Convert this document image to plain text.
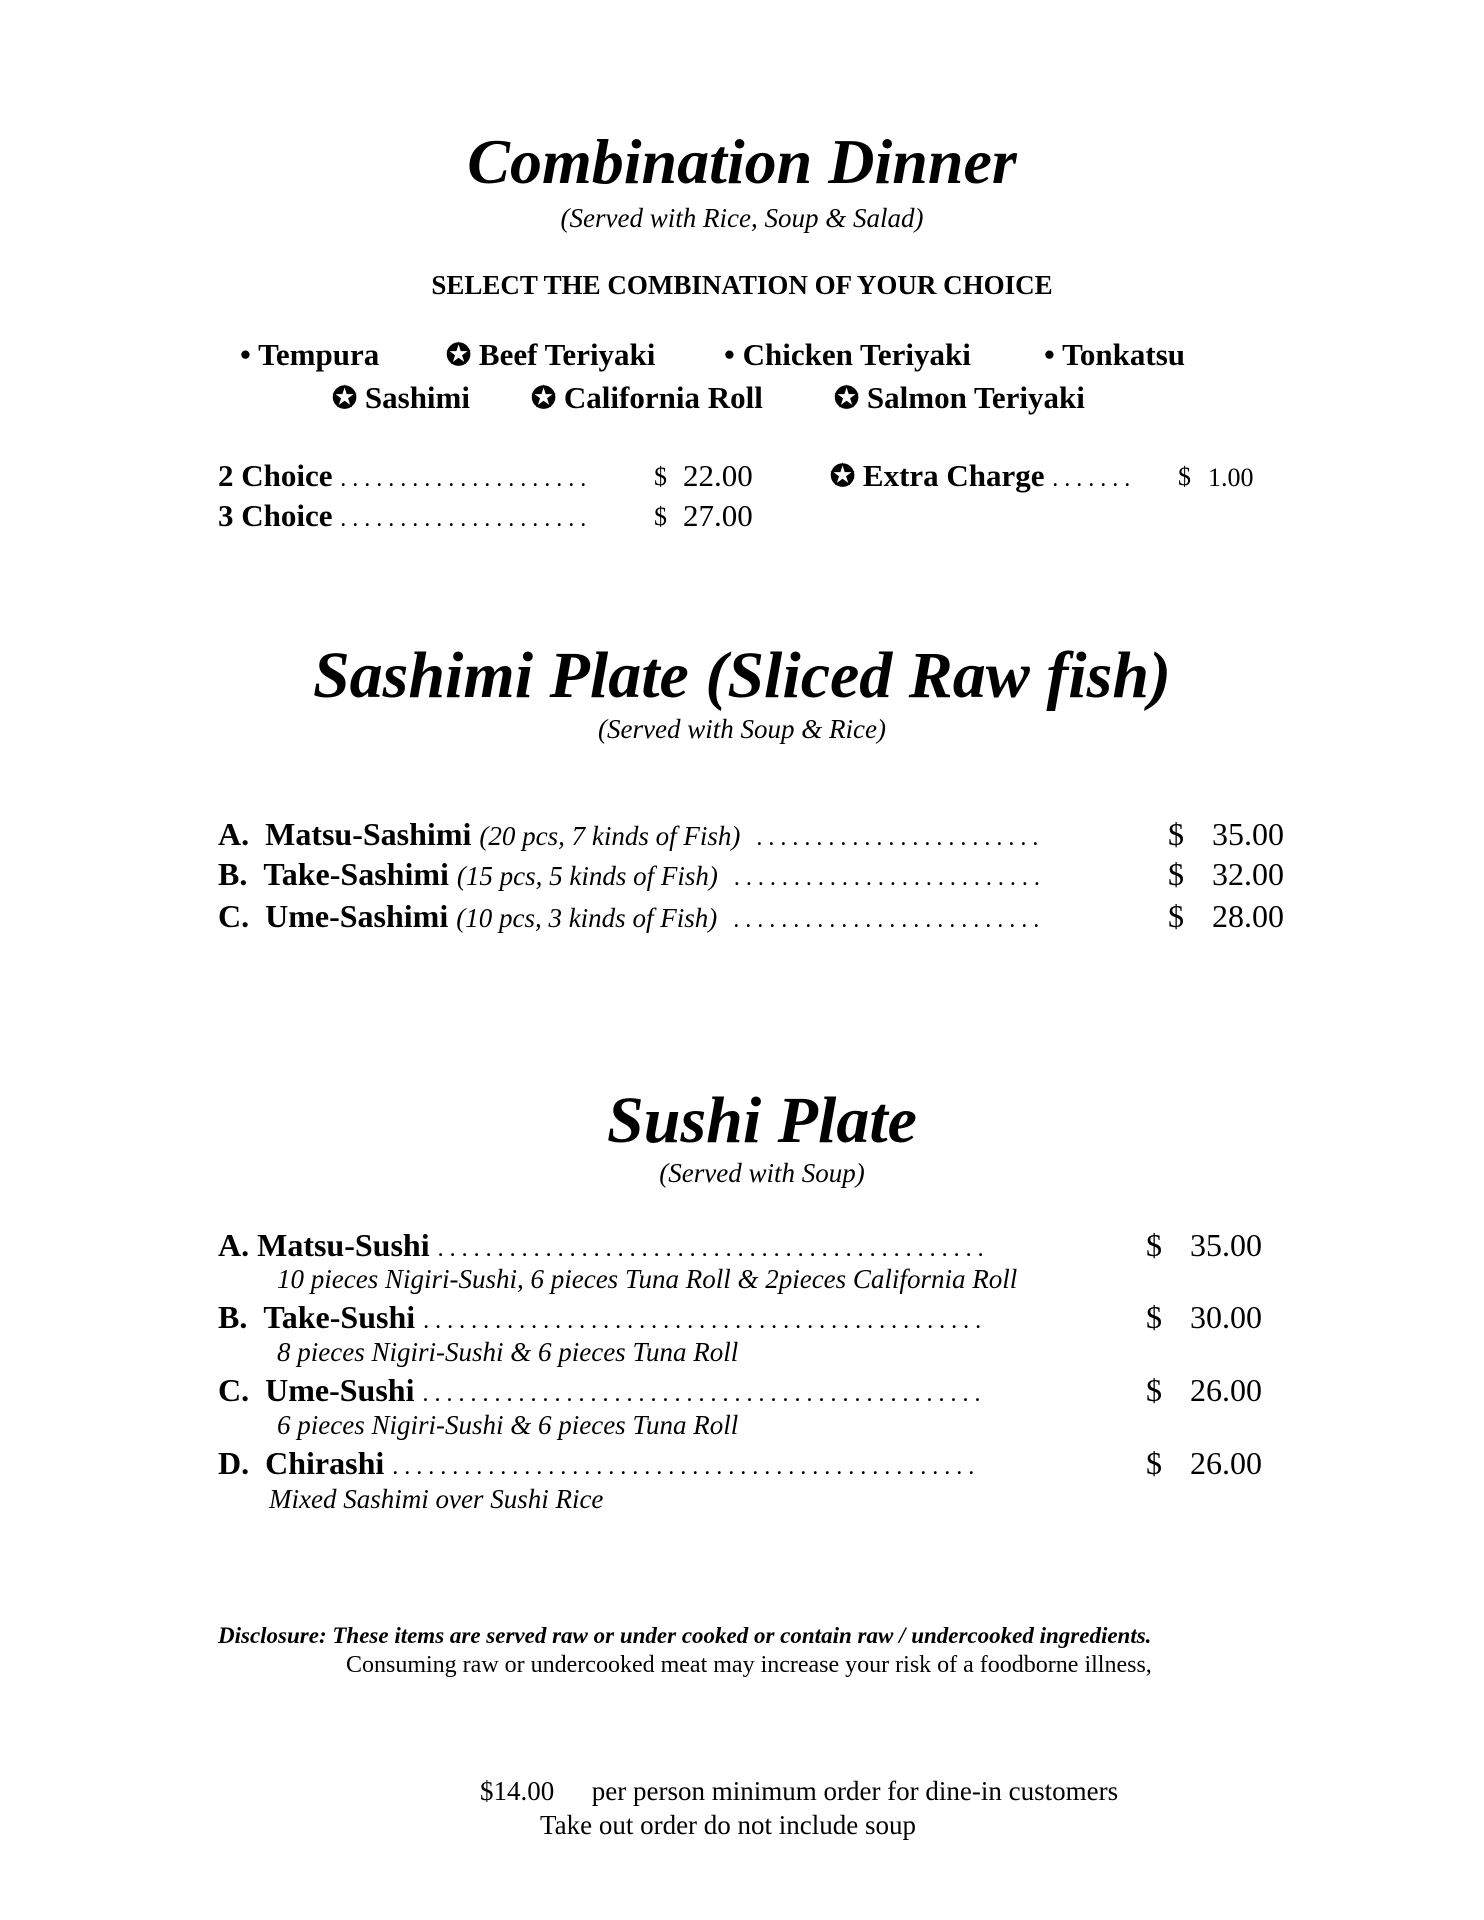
Combination Dinner
(Served with Rice, Soup & Salad)
SELECT THE COMBINATION OF YOUR CHOICE
• Tempura ✪ Beef Teriyaki • Chicken Teriyaki • Tonkatsu
✪ Sashimi ✪ California Roll ✪ Salmon Teriyaki
2 Choice . . . . . . . . . . . . . . . . . . . . .	$ 22.00
3 Choice . . . . . . . . . . . . . . . . . . . . .	$ 27.00
✪ Extra Charge . . . . . . . $ 1.00
Sashimi Plate (Sliced Raw fish)
(Served with Soup & Rice)
A. Matsu-Sashimi (20 pcs, 7 kinds of Fish) . . . . . . . . . . . . . . . . . . . . . . . .	$ 35.00
B. Take-Sashimi (15 pcs, 5 kinds of Fish) . . . . . . . . . . . . . . . . . . . . . . . . . .	$ 32.00
C. Ume-Sashimi (10 pcs, 3 kinds of Fish) . . . . . . . . . . . . . . . . . . . . . . . . . .	$ 28.00
Sushi Plate
(Served with Soup)
A. Matsu-Sushi . . . . . . . . . . . . . . . . . . . . . . . . . . . . . . . . . . . . . . . . . . . . . .	$ 35.00
10 pieces Nigiri-Sushi, 6 pieces Tuna Roll & 2pieces California Roll
B. Take-Sushi . . . . . . . . . . . . . . . . . . . . . . . . . . . . . . . . . . . . . . . . . . . . . . .	$ 30.00
8 pieces Nigiri-Sushi & 6 pieces Tuna Roll
C. Ume-Sushi . . . . . . . . . . . . . . . . . . . . . . . . . . . . . . . . . . . . . . . . . . . . . . .	$ 26.00
6 pieces Nigiri-Sushi & 6 pieces Tuna Roll
D. Chirashi . . . . . . . . . . . . . . . . . . . . . . . . . . . . . . . . . . . . . . . . . . . . . . . . .	$ 26.00
Mixed Sashimi over Sushi Rice
Disclosure: These items are served raw or under cooked or contain raw / undercooked ingredients.
Consuming raw or undercooked meat may increase your risk of a foodborne illness,
$14.00 per person minimum order for dine-in customers
Take out order do not include soup
